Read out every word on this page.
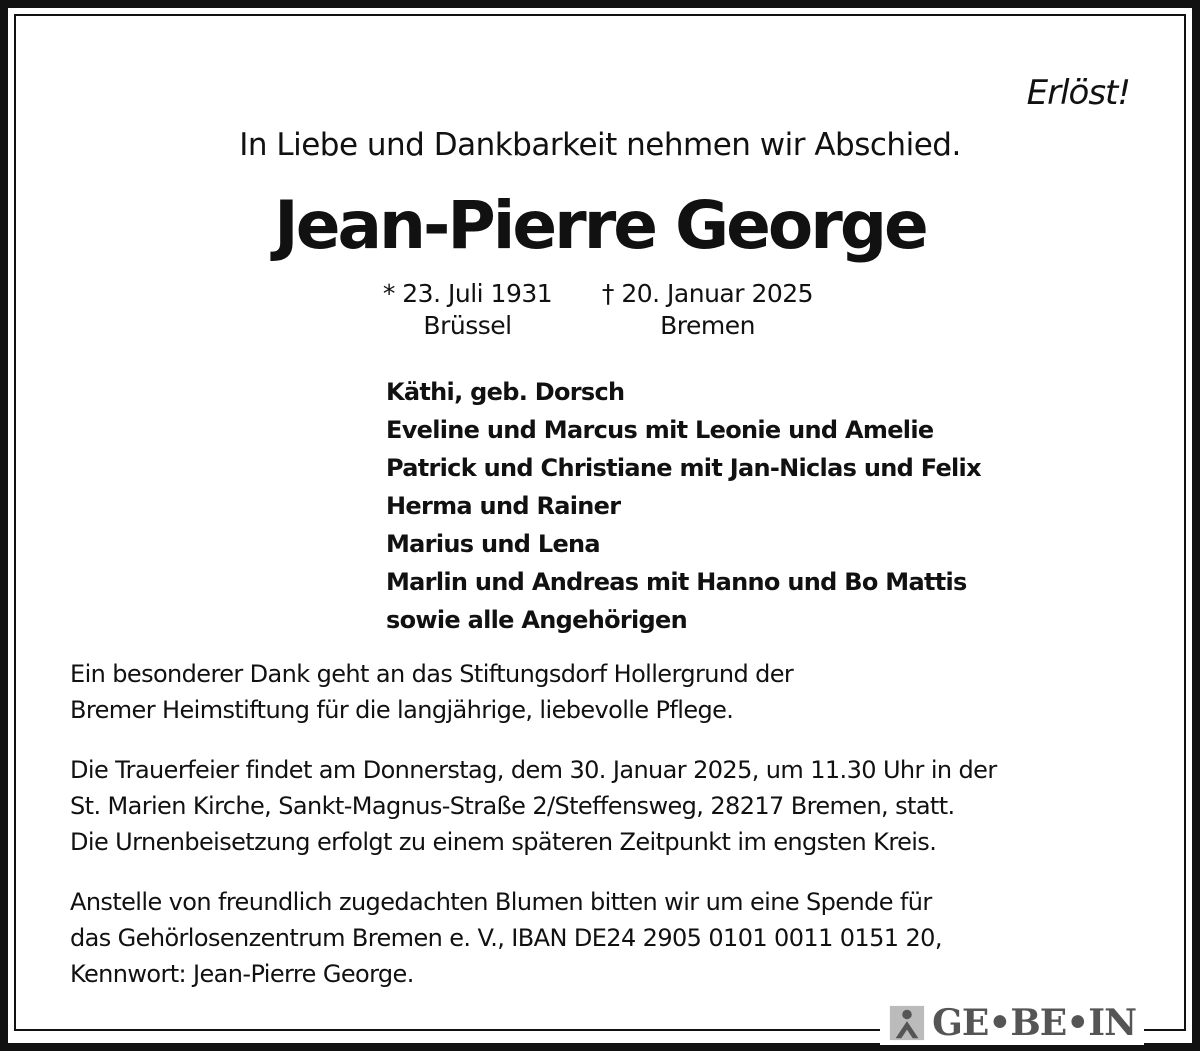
Erlöst!
In Liebe und Dankbarkeit nehmen wir Abschied.
Jean-Pierre George
* 23. Juli 1931
Brüssel
† 20. Januar 2025
Bremen
Käthi, geb. Dorsch
Eveline und Marcus mit Leonie und Amelie
Patrick und Christiane mit Jan-Niclas und Felix
Herma und Rainer
Marius und Lena
Marlin und Andreas mit Hanno und Bo Mattis
sowie alle Angehörigen
Ein besonderer Dank geht an das Stiftungsdorf Hollergrund der
Bremer Heimstiftung für die langjährige, liebevolle Pflege.
Die Trauerfeier findet am Donnerstag, dem 30. Januar 2025, um 11.30 Uhr in der
St. Marien Kirche, Sankt-Magnus-Straße 2/Steffensweg, 28217 Bremen, statt.
Die Urnenbeisetzung erfolgt zu einem späteren Zeitpunkt im engsten Kreis.
Anstelle von freundlich zugedachten Blumen bitten wir um eine Spende für
das Gehörlosenzentrum Bremen e. V., IBAN DE24 2905 0101 0011 0151 20,
Kennwort: Jean-Pierre George.
GE•BE•IN
